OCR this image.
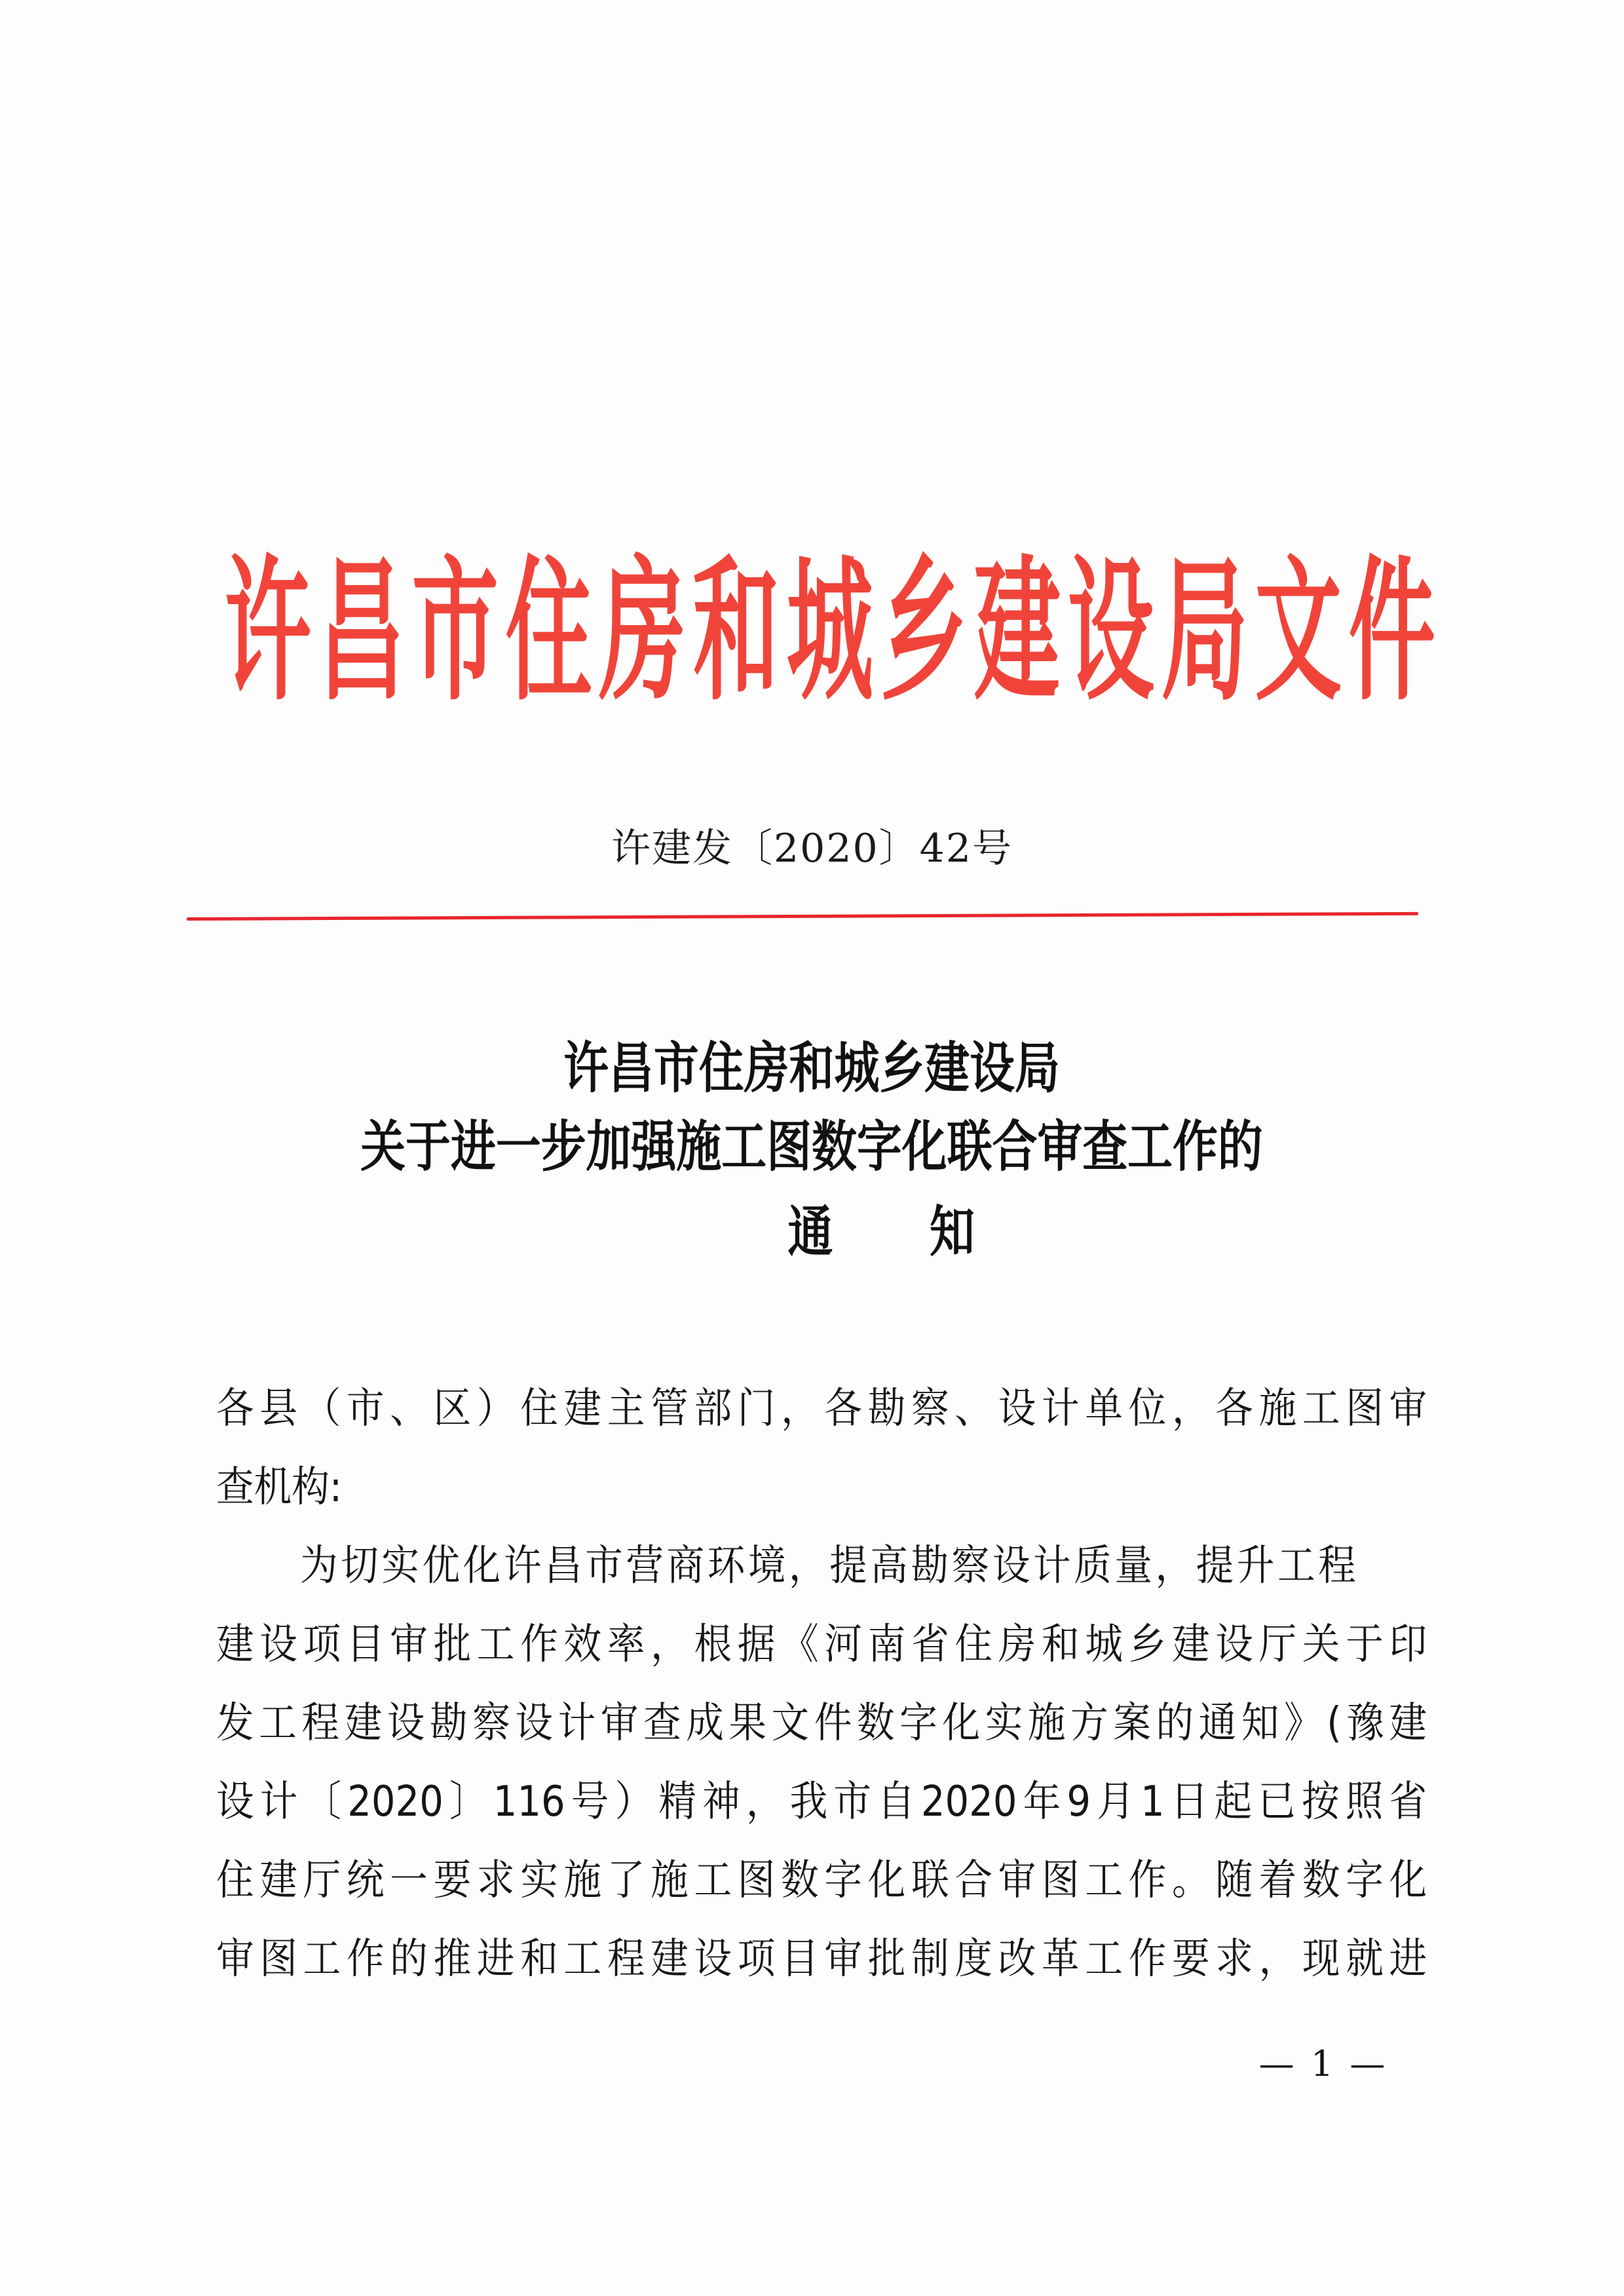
许 昌 市 住 房 和 城 乡 建 设 局 文 件
许建发〔2020〕42号
许昌市住房和城乡建设局
关于进一步加强施工图数字化联合审查工作的
通知
各县（市、区）住建主管部门，各勘察、设计单位，各施工图审
查机构:
为切实优化许昌市营商环境，提高勘察设计质量，提升工程
建设项目审批工作效率，根据《河南省住房和城乡建设厅关于印
发工程建设勘察设计审查成果文件数字化实施方案的通知》(豫建
设计〔2020〕116号）精神，我市自2020年9月1日起已按照省
住建厅统一要求实施了施工图数字化联合审图工作。随着数字化
审图工作的推进和工程建设项目审批制度改革工作要求，现就进
— 1 —
